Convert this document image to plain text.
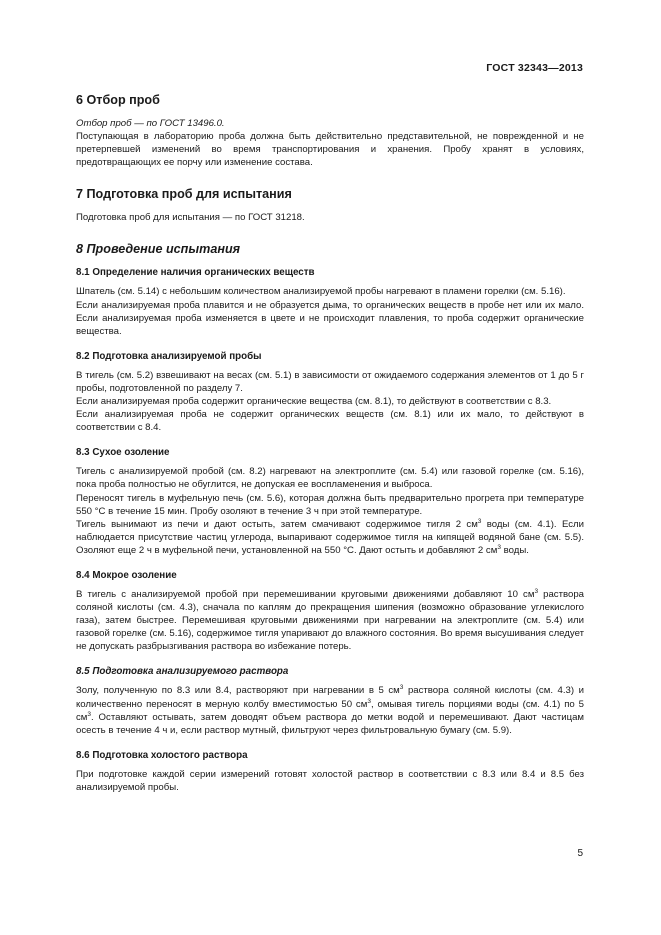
ГОСТ 32343—2013
6 Отбор проб

Отбор проб — по ГОСТ 13496.0.

Поступающая в лабораторию проба должна быть действительно представительной, не поврежденной и не претерпевшей изменений во время транспортирования и хранения. Пробу хранят в условиях, предотвращающих ее порчу или изменение состава.

7 Подготовка проб для испытания

Подготовка проб для испытания — по ГОСТ 31218.

8 Проведение испытания
8.1 Определение наличия органических веществ

Шпатель (см. 5.14) с небольшим количеством анализируемой пробы нагревают в пламени горелки (см. 5.16).

Если анализируемая проба плавится и не образуется дыма, то органических веществ в пробе нет или их мало. Если анализируемая проба изменяется в цвете и не происходит плавления, то проба содержит органические вещества.

8.2 Подготовка анализируемой пробы

В тигель (см. 5.2) взвешивают на весах (см. 5.1) в зависимости от ожидаемого содержания элементов от 1 до 5 г пробы, подготовленной по разделу 7.

Если анализируемая проба содержит органические вещества (см. 8.1), то действуют в соответствии с 8.3.

Если анализируемая проба не содержит органических веществ (см. 8.1) или их мало, то действуют в соответствии с 8.4.

8.3 Сухое озоление

Тигель с анализируемой пробой (см. 8.2) нагревают на электроплите (см. 5.4) или газовой горелке (см. 5.16), пока проба полностью не обуглится, не допуская ее воспламенения и выброса.

Переносят тигель в муфельную печь (см. 5.6), которая должна быть предварительно прогрета при температуре 550 °С в течение 15 мин. Пробу озоляют в течение 3 ч при этой температуре.

Тигель вынимают из печи и дают остыть, затем смачивают содержимое тигля 2 $см^3$ воды (см. 4.1). Если наблюдается присутствие частиц углерода, выпаривают содержимое тигля на кипящей водяной бане (см. 5.5). Озоляют еще 2 ч в муфельной печи, установленной на 550 °С. Дают остыть и добавляют 2 $см^3$ воды.

8.4 Мокрое озоление

В тигель с анализируемой пробой при перемешивании круговыми движениями добавляют 10 $см^3$ раствора соляной кислоты (см. 4.3), сначала по каплям до прекращения шипения (возможно образование углекислого газа), затем быстрее. Перемешивая круговыми движениями при нагревании на электроплите (см. 5.4) или газовой горелке (см. 5.16), содержимое тигля упаривают до влажного состояния. Во время высушивания следует не допускать разбрызгивания раствора во избежание потерь.

8.5 Подготовка анализируемого раствора

Золу, полученную по 8.3 или 8.4, растворяют при нагревании в 5 $см^3$ раствора соляной кислоты (см. 4.3) и количественно переносят в мерную колбу вместимостью 50 $см^3$, омывая тигель порциями воды (см. 4.1) по 5 $см^3$. Оставляют остывать, затем доводят объем раствора до метки водой и перемешивают. Дают частицам осесть в течение 4 ч и, если раствор мутный, фильтруют через фильтровальную бумагу (см. 5.9).

8.6 Подготовка холостого раствора

При подготовке каждой серии измерений готовят холостой раствор в соответствии с 8.3 или 8.4 и 8.5 без анализируемой пробы.

5
